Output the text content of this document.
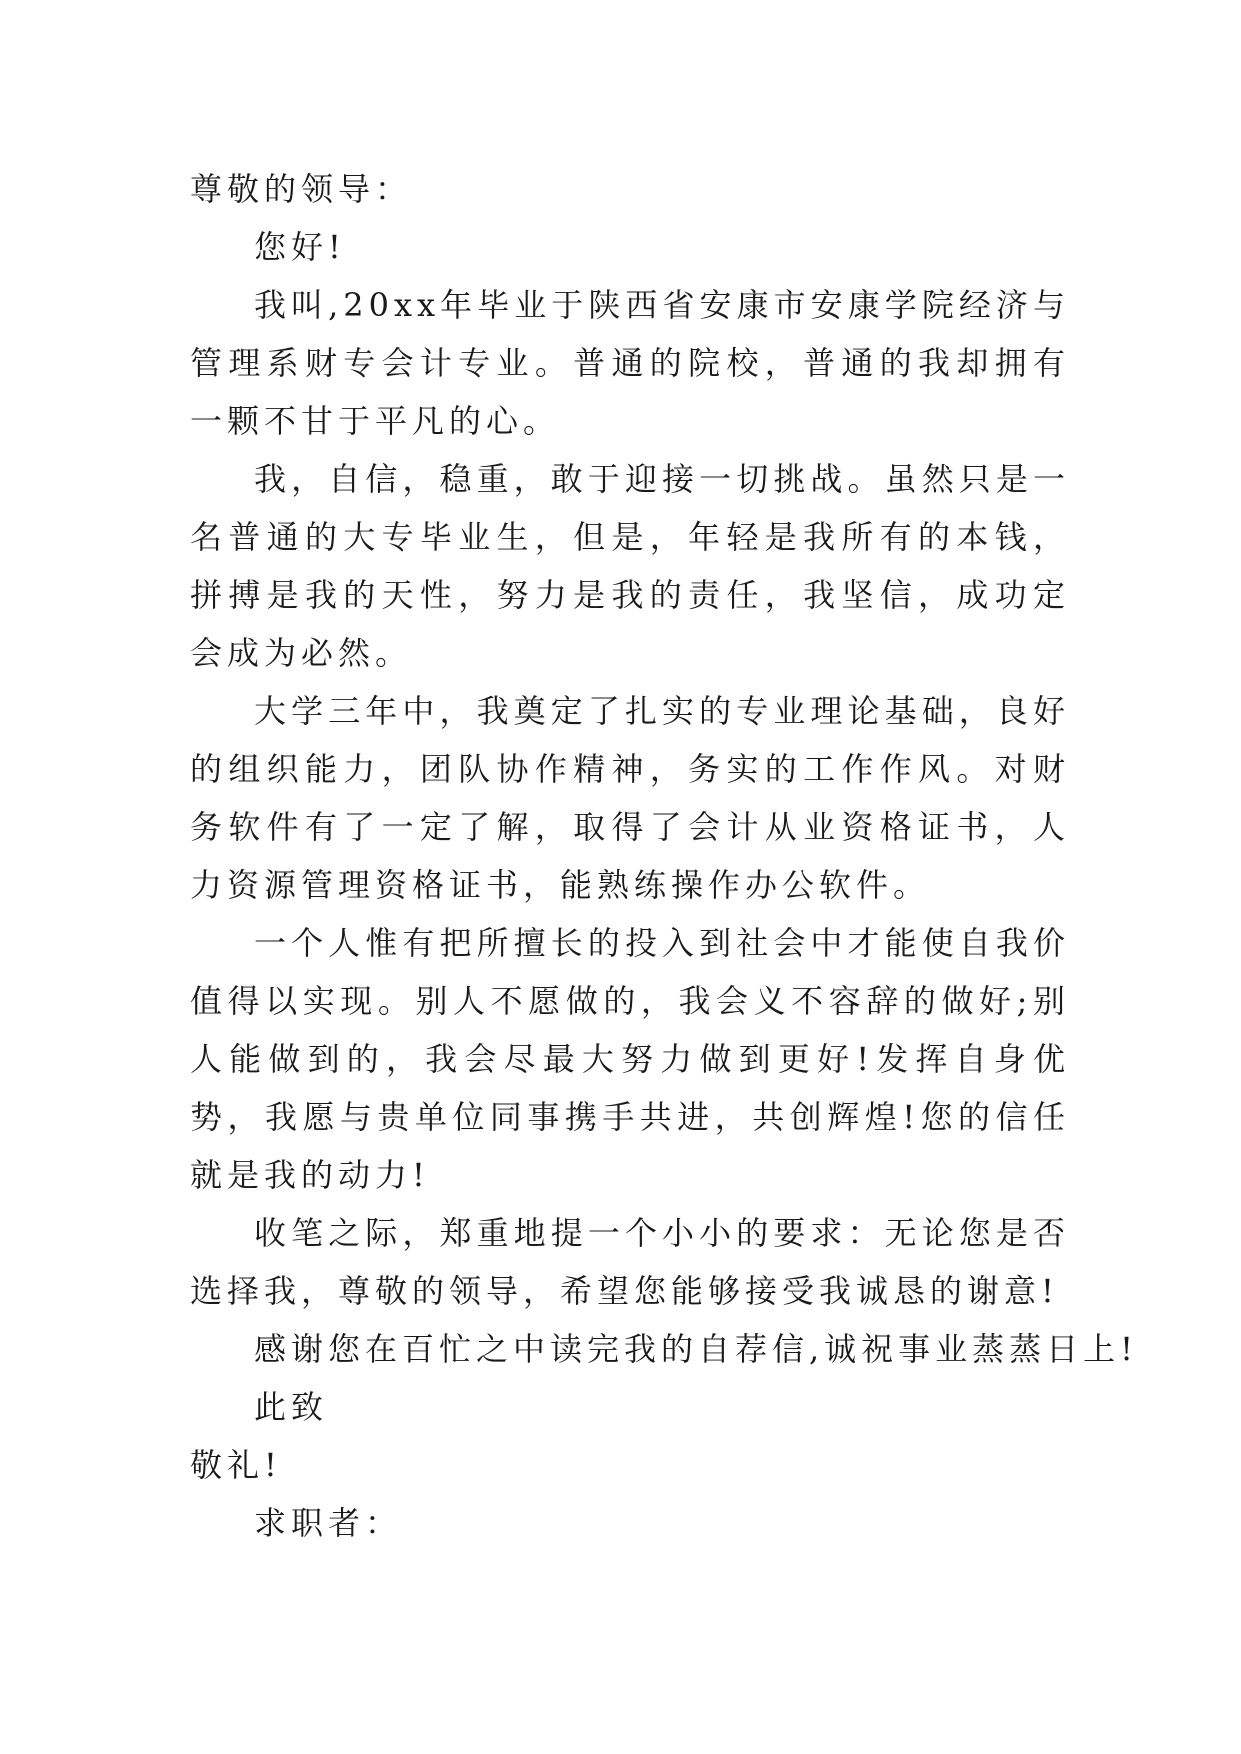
尊敬的领导：

您好!

我叫,20xx年毕业于陕西省安康市安康学院经济与管理系财专会计专业。普通的院校，普通的我却拥有一颗不甘于平凡的心。

我，自信，稳重，敢于迎接一切挑战。虽然只是一名普通的大专毕业生，但是，年轻是我所有的本钱，拼搏是我的天性，努力是我的责任，我坚信，成功定会成为必然。

大学三年中，我奠定了扎实的专业理论基础，良好的组织能力，团队协作精神，务实的工作作风。对财务软件有了一定了解，取得了会计从业资格证书，人力资源管理资格证书，能熟练操作办公软件。

一个人惟有把所擅长的投入到社会中才能使自我价值得以实现。别人不愿做的，我会义不容辞的做好;别人能做到的，我会尽最大努力做到更好!发挥自身优势，我愿与贵单位同事携手共进，共创辉煌!您的信任就是我的动力!

收笔之际，郑重地提一个小小的要求：无论您是否选择我，尊敬的领导，希望您能够接受我诚恳的谢意!

感谢您在百忙之中读完我的自荐信,诚祝事业蒸蒸日上!

此致

敬礼!

求职者：
